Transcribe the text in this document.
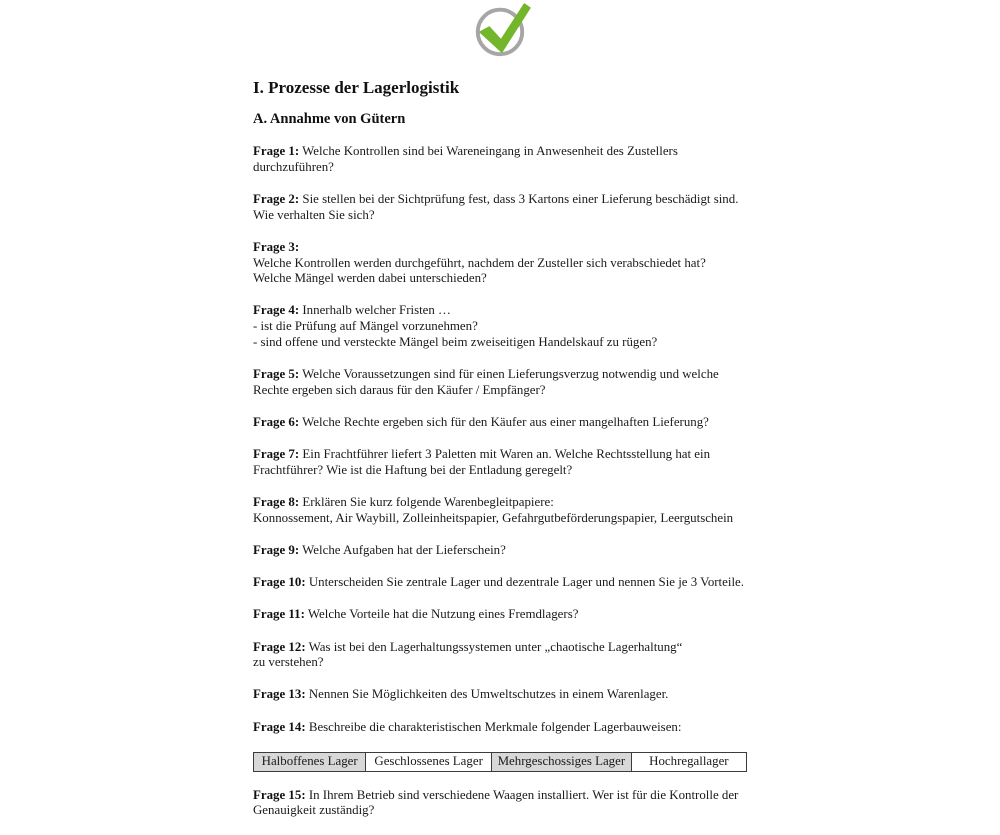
I. Prozesse der Lagerlogistik
A. Annahme von Gütern

Frage 1: Welche Kontrollen sind bei Wareneingang in Anwesenheit des Zustellers
durchzuführen?

Frage 2: Sie stellen bei der Sichtprüfung fest, dass 3 Kartons einer Lieferung beschädigt sind.
Wie verhalten Sie sich?

Frage 3: Welche Kontrollen werden durchgeführt, nachdem der Zusteller sich verabschiedet hat?
Welche Mängel werden dabei unterschieden?

Frage 4: Innerhalb welcher Fristen …
- ist die Prüfung auf Mängel vorzunehmen?
- sind offene und versteckte Mängel beim zweiseitigen Handelskauf zu rügen?

Frage 5: Welche Voraussetzungen sind für einen Lieferungsverzug notwendig und welche
Rechte ergeben sich daraus für den Käufer / Empfänger?

Frage 6: Welche Rechte ergeben sich für den Käufer aus einer mangelhaften Lieferung?

Frage 7: Ein Frachtführer liefert 3 Paletten mit Waren an. Welche Rechtsstellung hat ein
Frachtführer? Wie ist die Haftung bei der Entladung geregelt?

Frage 8: Erklären Sie kurz folgende Warenbegleitpapiere:
Konnossement, Air Waybill, Zolleinheitspapier, Gefahrgutbeförderungspapier, Leergutschein

Frage 9: Welche Aufgaben hat der Lieferschein?

Frage 10: Unterscheiden Sie zentrale Lager und dezentrale Lager und nennen Sie je 3 Vorteile.

Frage 11: Welche Vorteile hat die Nutzung eines Fremdlagers?

Frage 12: Was ist bei den Lagerhaltungssystemen unter „chaotische Lagerhaltung“
zu verstehen?

Frage 13: Nennen Sie Möglichkeiten des Umweltschutzes in einem Warenlager.

Frage 14: Beschreibe die charakteristischen Merkmale folgender Lagerbauweisen:

Halboffenes Lager	Geschlossenes Lager	Mehrgeschossiges Lager	Hochregallager

Frage 15: In Ihrem Betrieb sind verschiedene Waagen installiert. Wer ist für die Kontrolle der
Genauigkeit zuständig?
